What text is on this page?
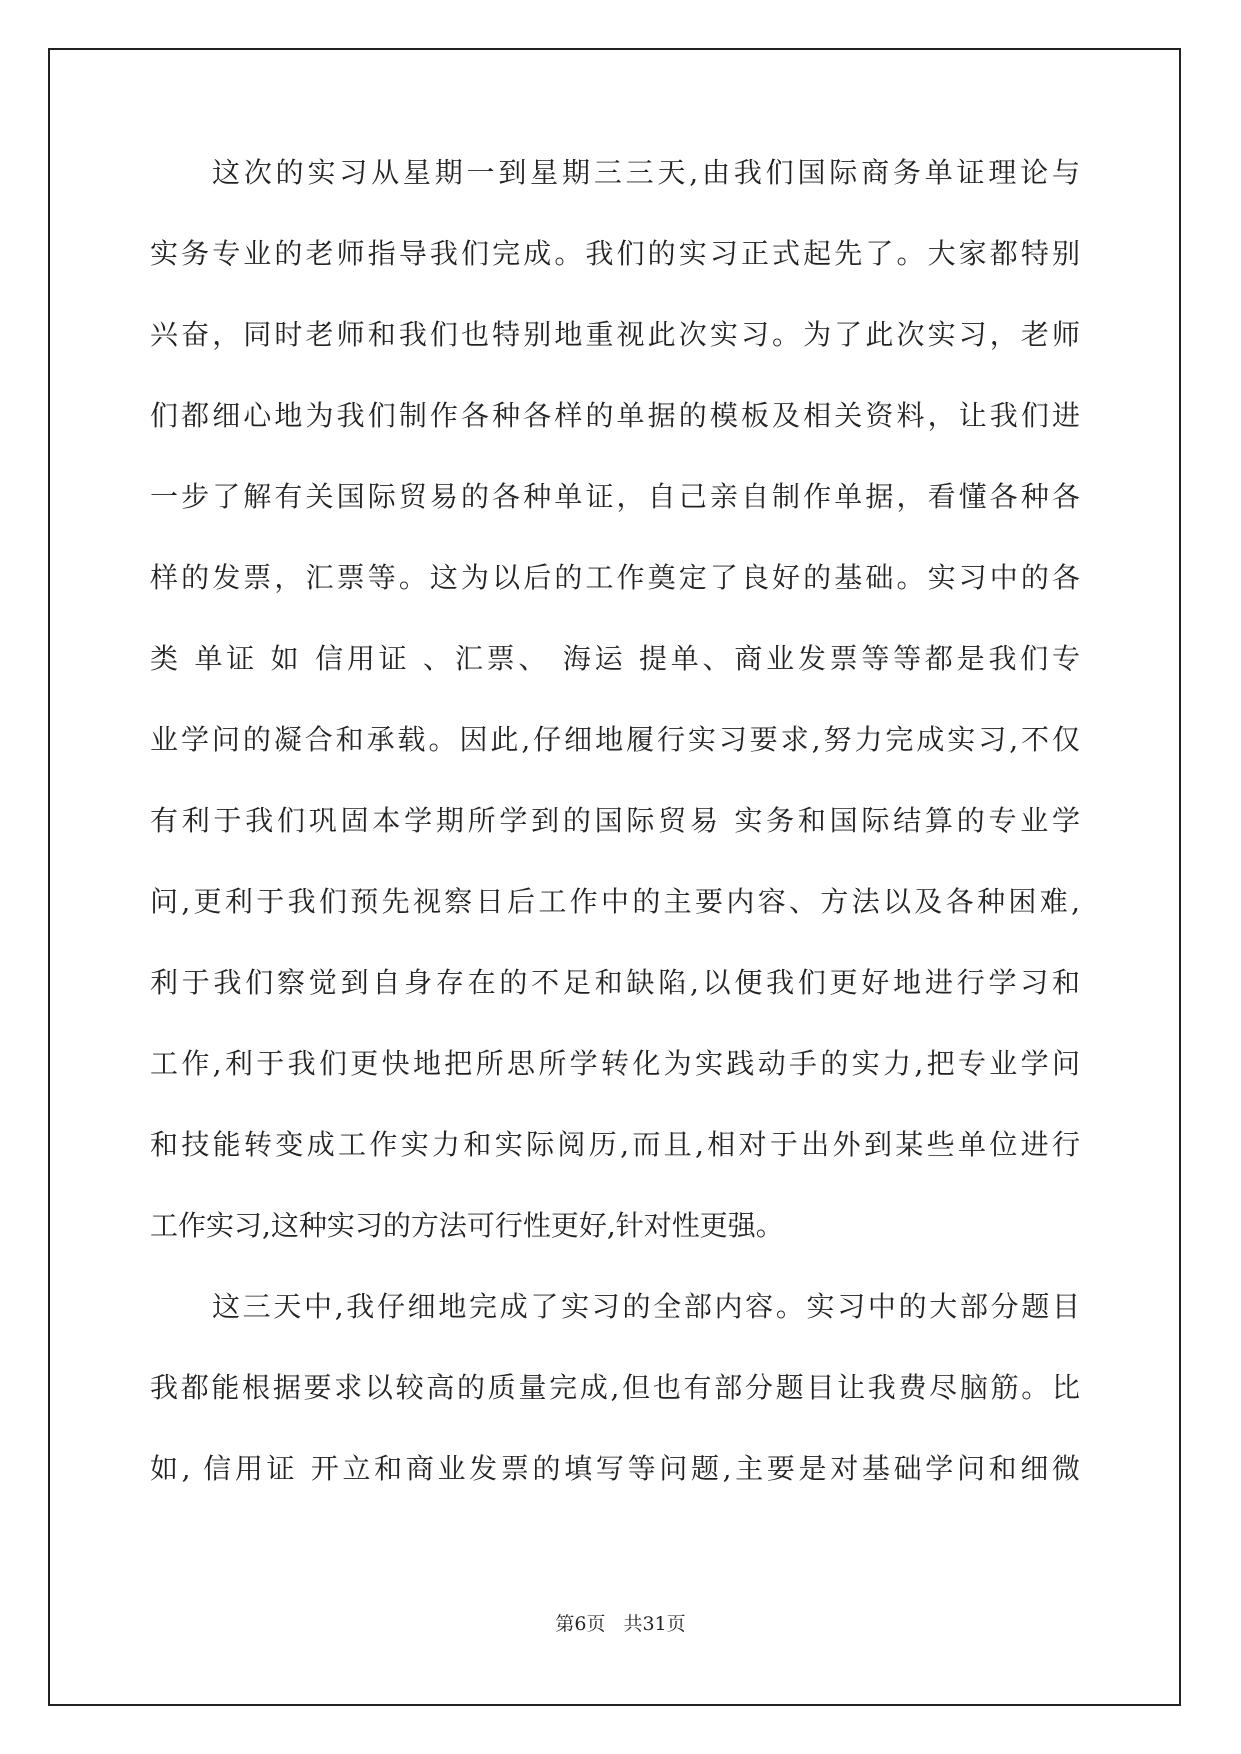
这次的实习从星期一到星期三三天,由我们国际商务单证理论与

实务专业的老师指导我们完成。我们的实习正式起先了。大家都特别

兴奋，同时老师和我们也特别地重视此次实习。为了此次实习，老师

们都细心地为我们制作各种各样的单据的模板及相关资料，让我们进

一步了解有关国际贸易的各种单证，自己亲自制作单据，看懂各种各

样的发票，汇票等。这为以后的工作奠定了良好的基础。实习中的各

类 单证 如 信用证 、汇票、 海运 提单、商业发票等等都是我们专

业学问的凝合和承载。因此,仔细地履行实习要求,努力完成实习,不仅

有利于我们巩固本学期所学到的国际贸易 实务和国际结算的专业学

问,更利于我们预先视察日后工作中的主要内容、方法以及各种困难,

利于我们察觉到自身存在的不足和缺陷,以便我们更好地进行学习和

工作,利于我们更快地把所思所学转化为实践动手的实力,把专业学问

和技能转变成工作实力和实际阅历,而且,相对于出外到某些单位进行

工作实习,这种实习的方法可行性更好,针对性更强。

这三天中,我仔细地完成了实习的全部内容。实习中的大部分题目

我都能根据要求以较高的质量完成,但也有部分题目让我费尽脑筋。比

如, 信用证 开立和商业发票的填写等问题,主要是对基础学问和细微

第6页 共31页
